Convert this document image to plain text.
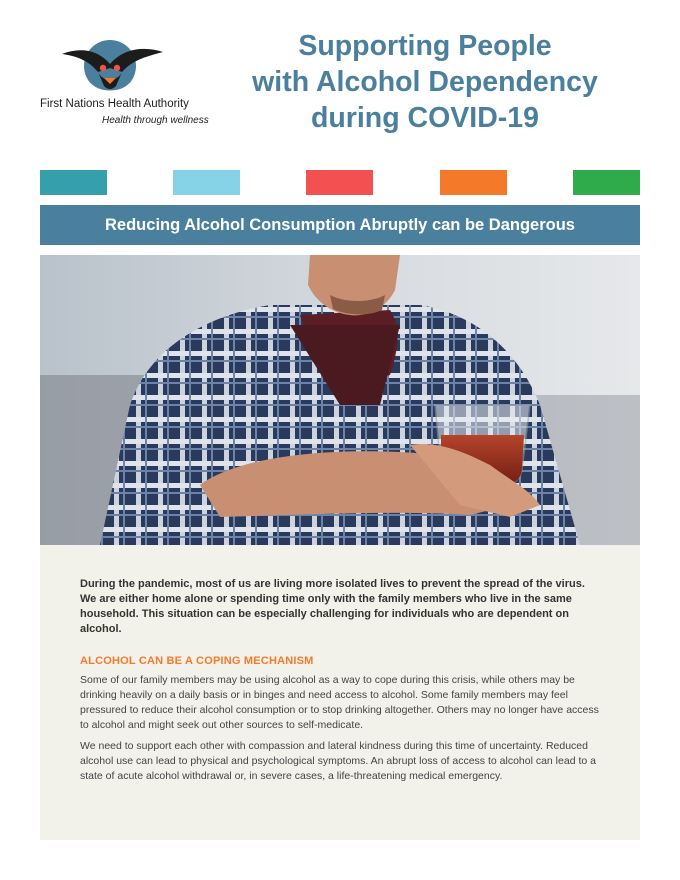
First Nations Health Authority
Health through wellness
Supporting People
with Alcohol Dependency
during COVID-19
Reducing Alcohol Consumption Abruptly can be Dangerous

During the pandemic, most of us are living more isolated lives to prevent the spread of the virus. We are either home alone or spending time only with the family members who live in the same household. This situation can be especially challenging for individuals who are dependent on alcohol.

ALCOHOL CAN BE A COPING MECHANISM

Some of our family members may be using alcohol as a way to cope during this crisis, while others may be drinking heavily on a daily basis or in binges and need access to alcohol. Some family members may feel pressured to reduce their alcohol consumption or to stop drinking altogether. Others may no longer have access to alcohol and might seek out other sources to self-medicate.

We need to support each other with compassion and lateral kindness during this time of uncertainty. Reduced alcohol use can lead to physical and psychological symptoms. An abrupt loss of access to alcohol can lead to a state of acute alcohol withdrawal or, in severe cases, a life-threatening medical emergency.
